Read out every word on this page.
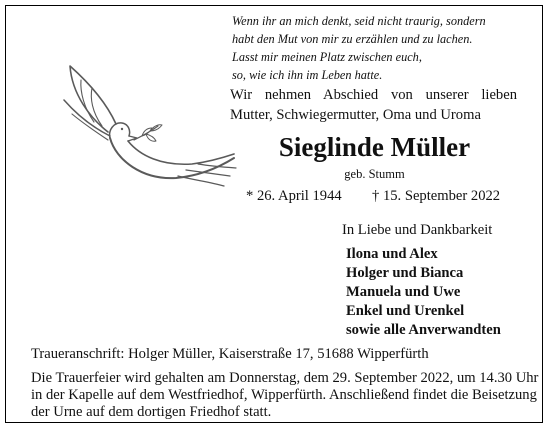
Wenn ihr an mich denkt, seid nicht traurig, sondern
habt den Mut von mir zu erzählen und zu lachen.
Lasst mir meinen Platz zwischen euch,
so, wie ich ihn im Leben hatte.
Wir nehmen Abschied von unserer lieben
Mutter, Schwiegermutter, Oma und Uroma
Sieglinde Müller
geb. Stumm
* 26. April 1944 † 15. September 2022
In Liebe und Dankbarkeit
Ilona und Alex
Holger und Bianca
Manuela und Uwe
Enkel und Urenkel
sowie alle Anverwandten
Traueranschrift: Holger Müller, Kaiserstraße 17, 51688 Wipperfürth
Die Trauerfeier wird gehalten am Donnerstag, dem 29. September 2022, um 14.30 Uhr
in der Kapelle auf dem Westfriedhof, Wipperfürth. Anschließend findet die Beisetzung
der Urne auf dem dortigen Friedhof statt.
